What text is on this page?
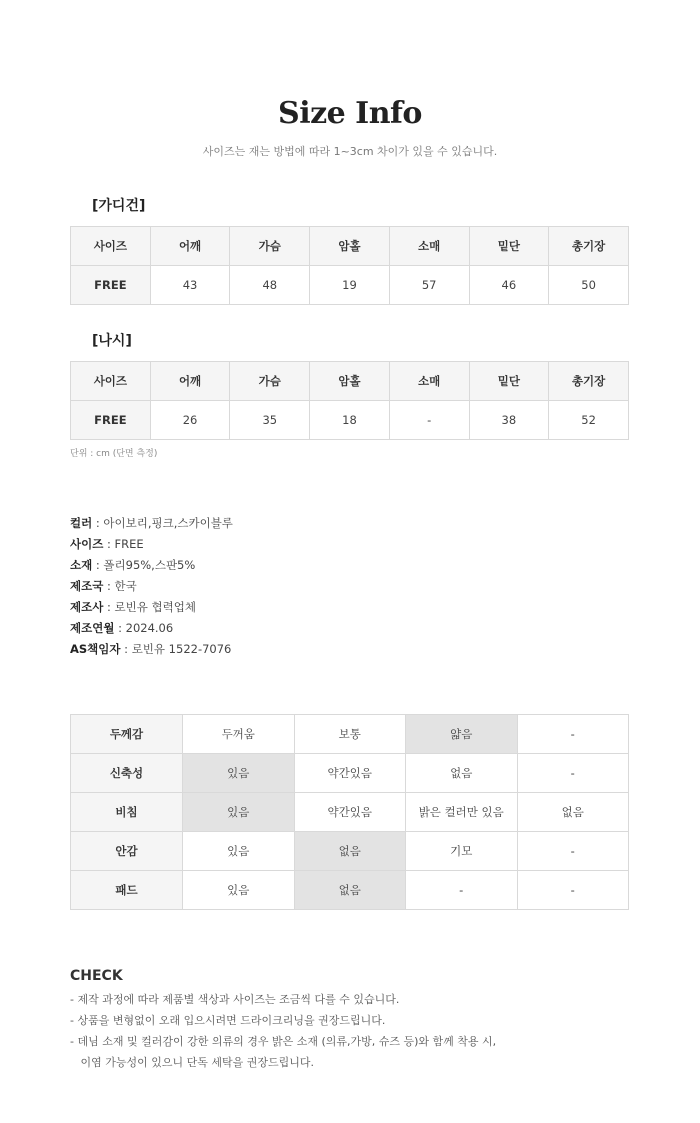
Size Info
사이즈는 재는 방법에 따라 1~3cm 차이가 있을 수 있습니다.
[가디건]
사이즈	어깨	가슴	암홀	소매	밑단	총기장
FREE	43	48	19	57	46	50
[나시]
사이즈	어깨	가슴	암홀	소매	밑단	총기장
FREE	26	35	18	-	38	52
단위 : cm (단면 측정)
컬러 : 아이보리,핑크,스카이블루
사이즈 : FREE
소재 : 폴리95%,스판5%
제조국 : 한국
제조사 : 로빈유 협력업체
제조연월 : 2024.06
AS책임자 : 로빈유 1522-7076
두께감	두꺼움	보통	얇음	-
신축성	있음	약간있음	없음	-
비침	있음	약간있음	밝은 컬러만 있음	없음
안감	있음	없음	기모	-
패드	있음	없음	-	-
CHECK
- 제작 과정에 따라 제품별 색상과 사이즈는 조금씩 다를 수 있습니다.
- 상품을 변형없이 오래 입으시려면 드라이크리닝을 권장드립니다.
- 데님 소재 및 컬러감이 강한 의류의 경우 밝은 소재 (의류,가방, 슈즈 등)와 함께 착용 시,
이염 가능성이 있으니 단독 세탁을 권장드립니다.
